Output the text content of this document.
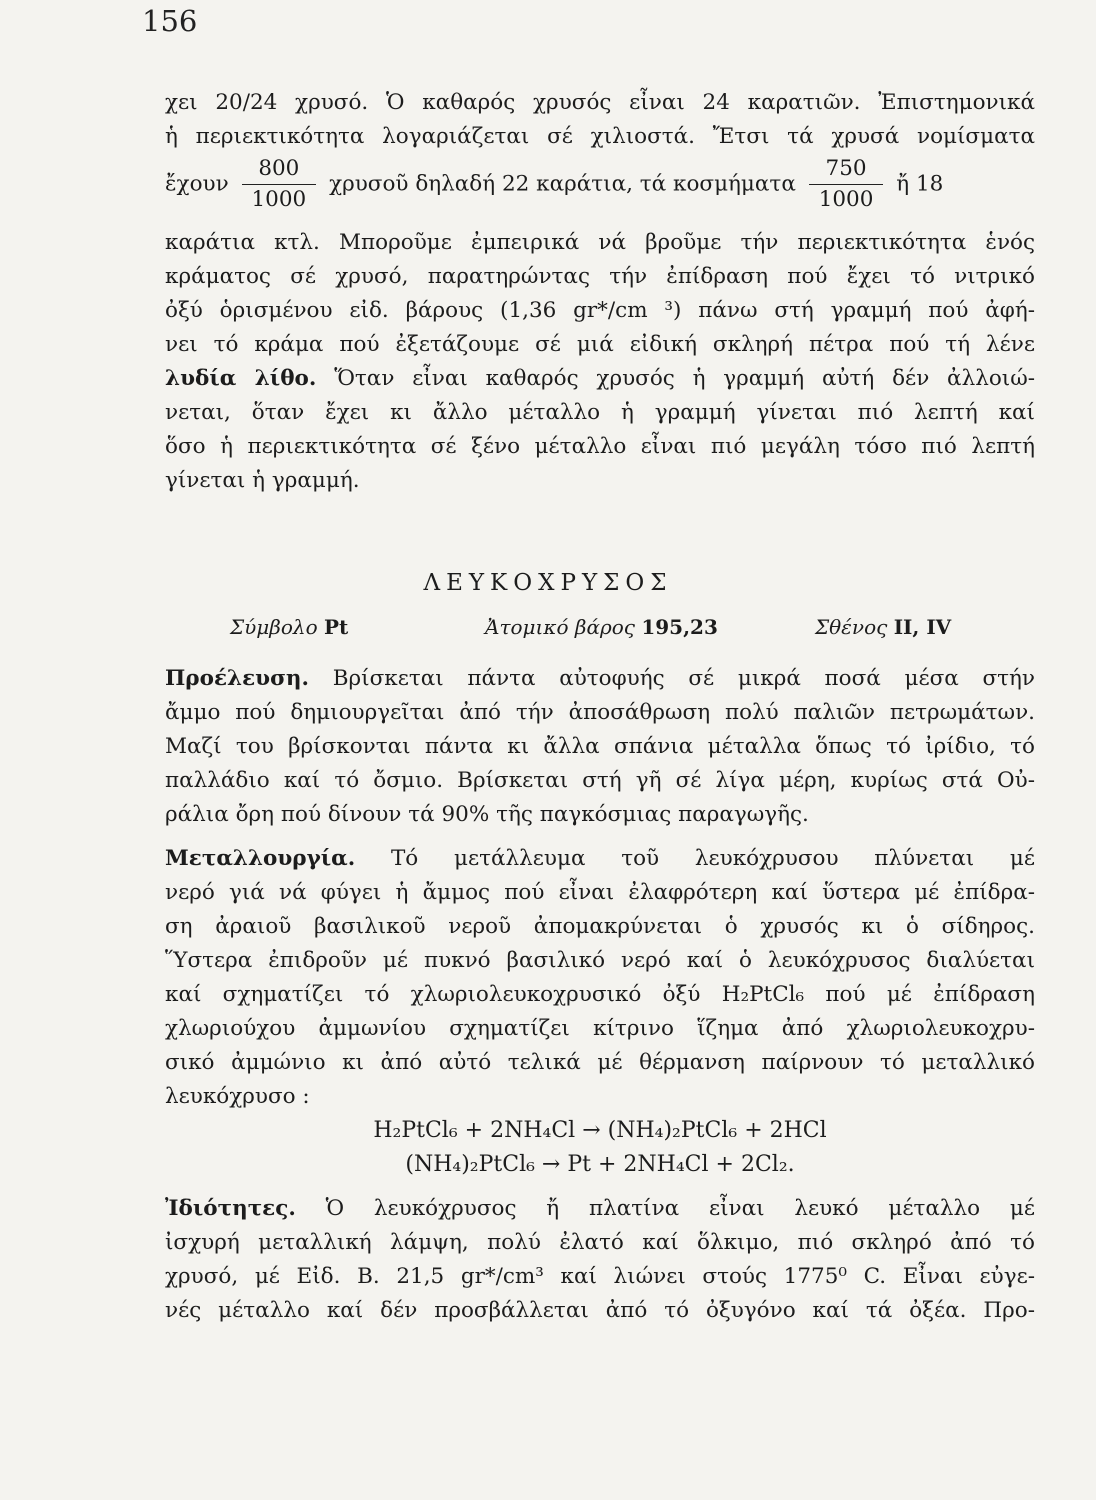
156
χει 20/24 χρυσό. Ὁ καθαρός χρυσός εἶναι 24 καρατιῶν. Ἐπιστημονικά
ἡ περιεκτικότητα λογαριάζεται σέ χιλιοστά. Ἔτσι τά χρυσά νομίσματα
ἔχουν $\frac{800}{1000}$ χρυσοῦ δηλαδή 22 καράτια, τά κοσμήματα $\frac{750}{1000}$ ἤ 18
καράτια κτλ. Μποροῦμε ἐμπειρικά νά βροῦμε τήν περιεκτικότητα ἑνός
κράματος σέ χρυσό, παρατηρώντας τήν ἐπίδραση πού ἔχει τό νιτρικό
ὀξύ ὁρισμένου εἰδ. βάρους (1,36 gr*/cm ³) πάνω στή γραμμή πού ἀφή-
νει τό κράμα πού ἐξετάζουμε σέ μιά εἰδική σκληρή πέτρα πού τή λένε
λυδία λίθο. Ὅταν εἶναι καθαρός χρυσός ἡ γραμμή αὐτή δέν ἀλλοιώ-
νεται, ὅταν ἔχει κι ἄλλο μέταλλο ἡ γραμμή γίνεται πιό λεπτή καί
ὅσο ἡ περιεκτικότητα σέ ξένο μέταλλο εἶναι πιό μεγάλη τόσο πιό λεπτή
γίνεται ἡ γραμμή.
ΛΕΥΚΟΧΡΥΣΟΣ
Σύμβολο Pt	Ἀτομικό βάρος 195,23	Σθένος II, IV
Προέλευση. Βρίσκεται πάντα αὐτοφυής σέ μικρά ποσά μέσα στήν
ἄμμο πού δημιουργεῖται ἀπό τήν ἀποσάθρωση πολύ παλιῶν πετρωμάτων.
Μαζί του βρίσκονται πάντα κι ἄλλα σπάνια μέταλλα ὅπως τό ἰρίδιο, τό
παλλάδιο καί τό ὄσμιο. Βρίσκεται στή γῆ σέ λίγα μέρη, κυρίως στά Οὐ-
ράλια ὄρη πού δίνουν τά 90% τῆς παγκόσμιας παραγωγῆς.
Μεταλλουργία. Τό μετάλλευμα τοῦ λευκόχρυσου πλύνεται μέ
νερό γιά νά φύγει ἡ ἄμμος πού εἶναι ἐλαφρότερη καί ὕστερα μέ ἐπίδρα-
ση ἀραιοῦ βασιλικοῦ νεροῦ ἀπομακρύνεται ὁ χρυσός κι ὁ σίδηρος.
Ὕστερα ἐπιδροῦν μέ πυκνό βασιλικό νερό καί ὁ λευκόχρυσος διαλύεται
καί σχηματίζει τό χλωριολευκοχρυσικό ὀξύ H₂PtCl₆ πού μέ ἐπίδραση
χλωριούχου ἀμμωνίου σχηματίζει κίτρινο ἵζημα ἀπό χλωριολευκοχρυ-
σικό ἀμμώνιο κι ἀπό αὐτό τελικά μέ θέρμανση παίρνουν τό μεταλλικό
λευκόχρυσο :
H₂PtCl₆ + 2NH₄Cl → (NH₄)₂PtCl₆ + 2HCl
(NH₄)₂PtCl₆ → Pt + 2NH₄Cl + 2Cl₂.
Ἰδιότητες. Ὁ λευκόχρυσος ἤ πλατίνα εἶναι λευκό μέταλλο μέ
ἰσχυρή μεταλλική λάμψη, πολύ ἐλατό καί ὅλκιμο, πιό σκληρό ἀπό τό
χρυσό, μέ Εἰδ. Β. 21,5 gr*/cm³ καί λιώνει στούς 1775⁰ C. Εἶναι εὐγε-
νές μέταλλο καί δέν προσβάλλεται ἀπό τό ὀξυγόνο καί τά ὀξέα. Προ-
